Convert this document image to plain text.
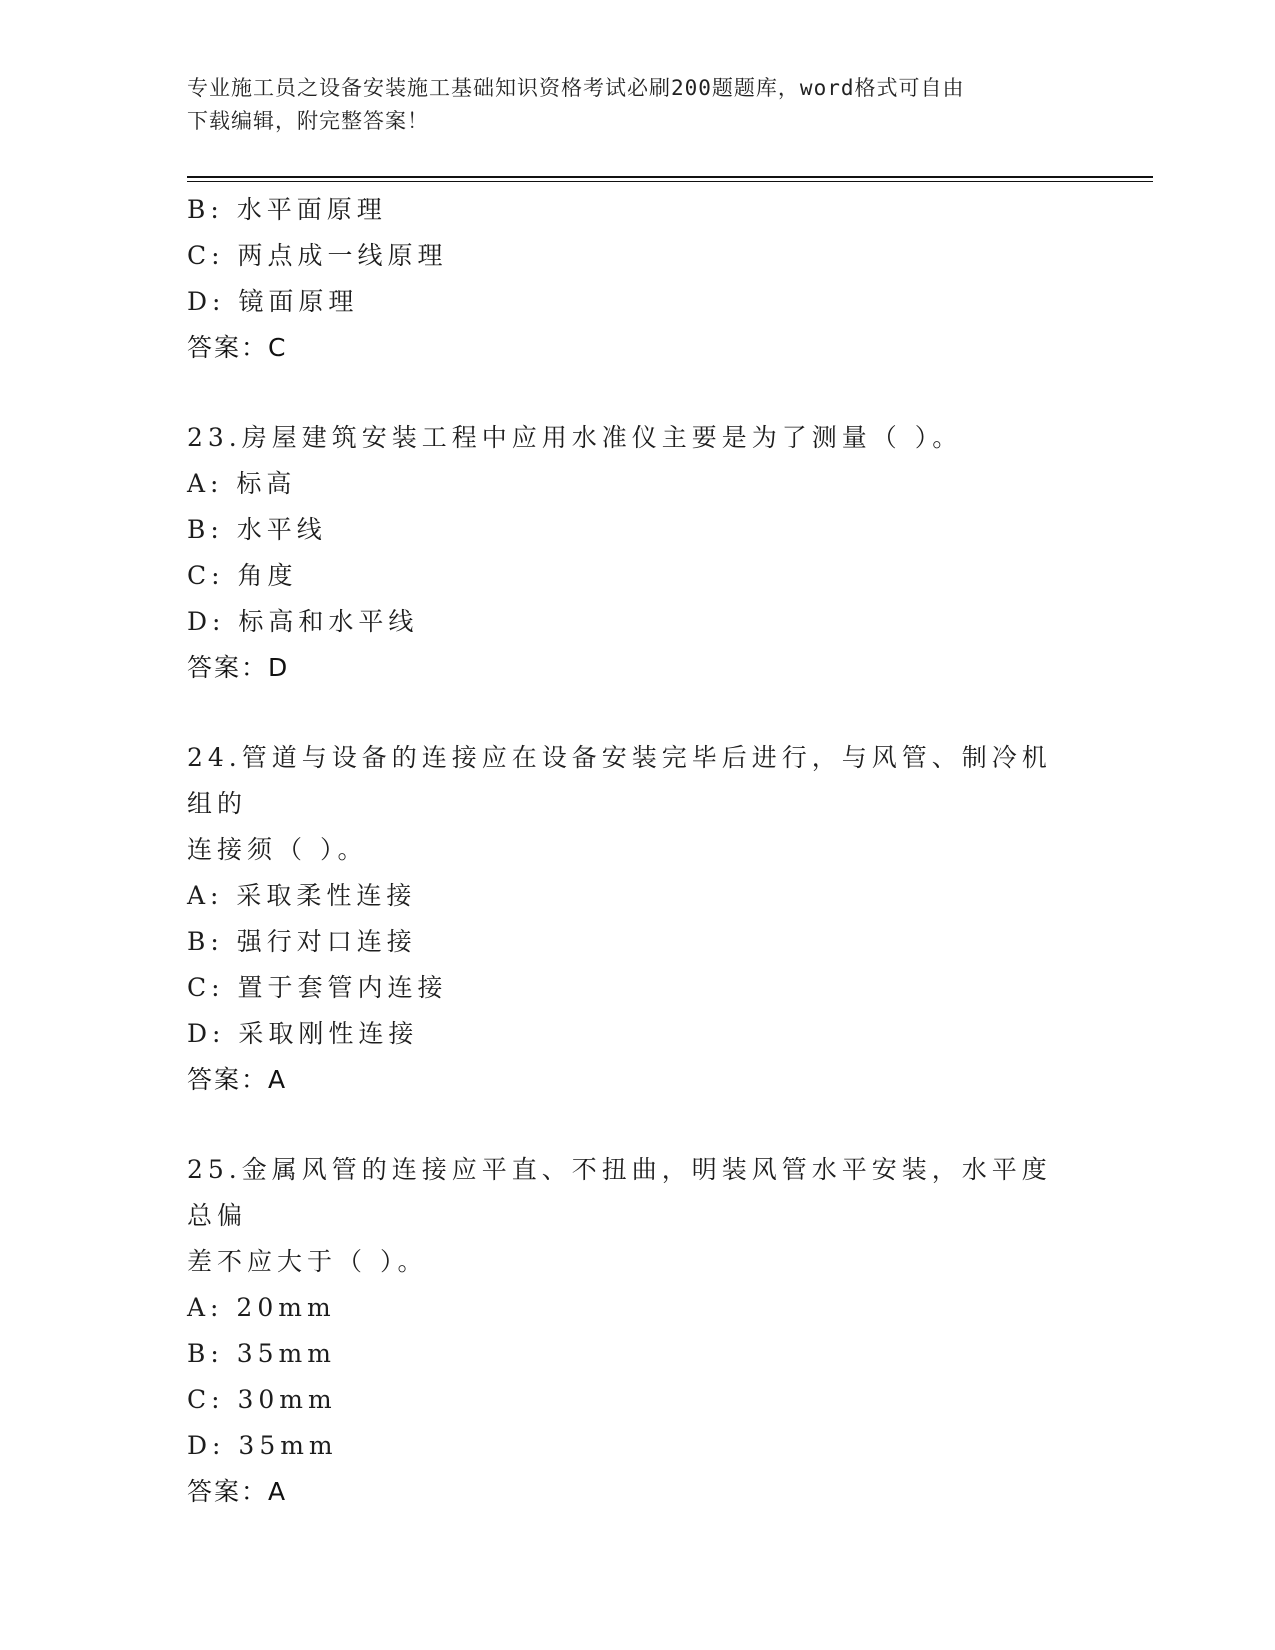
专业施工员之设备安装施工基础知识资格考试必刷200题题库，word格式可自由
下载编辑，附完整答案！
B: 水平面原理
C: 两点成一线原理
D: 镜面原理
答案：C
23.房屋建筑安装工程中应用水准仪主要是为了测量（ ）。
A: 标高
B: 水平线
C: 角度
D: 标高和水平线
答案：D
24.管道与设备的连接应在设备安装完毕后进行，与风管、制冷机组的
连接须（ ）。
A: 采取柔性连接
B: 强行对口连接
C: 置于套管内连接
D: 采取刚性连接
答案：A
25.金属风管的连接应平直、不扭曲，明装风管水平安装，水平度总偏
差不应大于（ ）。
A: 20mm
B: 35mm
C: 30mm
D: 35mm
答案：A
